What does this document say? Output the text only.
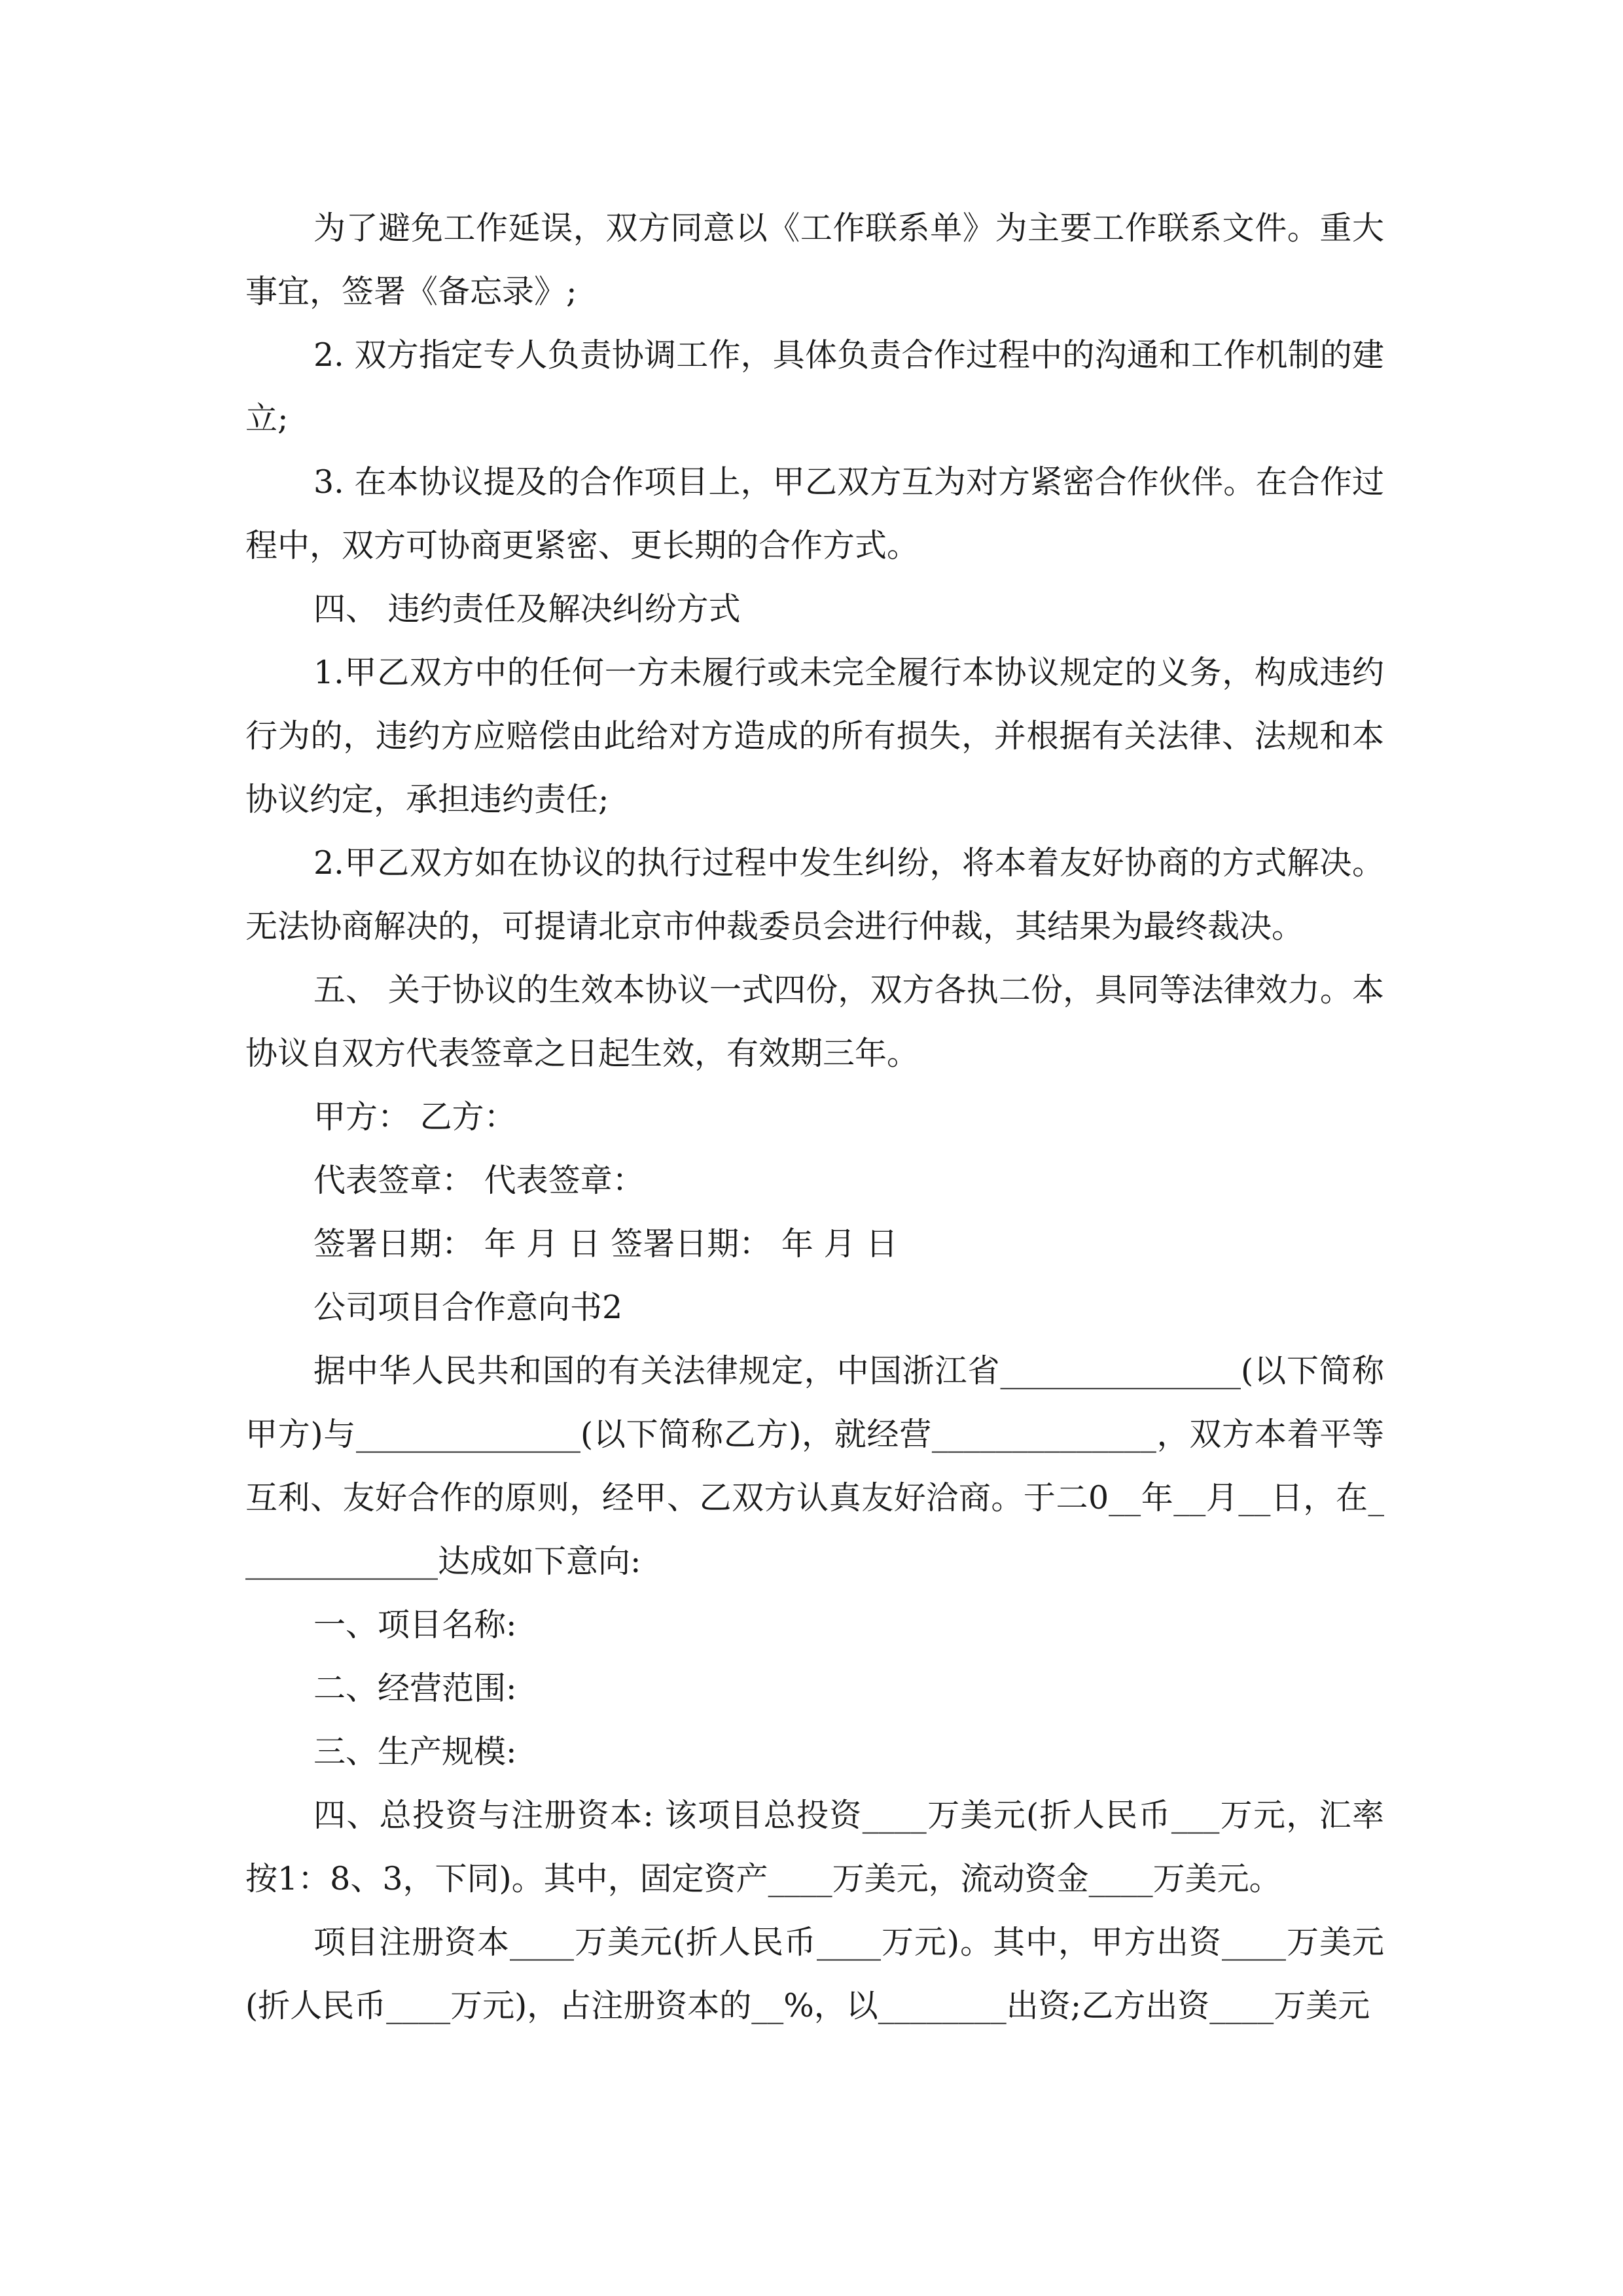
为了避免工作延误，双方同意以《工作联系单》为主要工作联系文件。重大事宜，签署《备忘录》;

2. 双方指定专人负责协调工作，具体负责合作过程中的沟通和工作机制的建立;

3. 在本协议提及的合作项目上，甲乙双方互为对方紧密合作伙伴。在合作过程中，双方可协商更紧密、更长期的合作方式。

四、 违约责任及解决纠纷方式

1.甲乙双方中的任何一方未履行或未完全履行本协议规定的义务，构成违约行为的，违约方应赔偿由此给对方造成的所有损失，并根据有关法律、法规和本协议约定，承担违约责任;

2.甲乙双方如在协议的执行过程中发生纠纷，将本着友好协商的方式解决。无法协商解决的，可提请北京市仲裁委员会进行仲裁，其结果为最终裁决。

五、 关于协议的生效本协议一式四份，双方各执二份，具同等法律效力。本协议自双方代表签章之日起生效，有效期三年。

甲方： 乙方：

代表签章： 代表签章：

签署日期： 年 月 日 签署日期： 年 月 日

公司项目合作意向书2

据中华人民共和国的有关法律规定，中国浙江省_______________(以下简称甲方)与______________(以下简称乙方)，就经营______________，双方本着平等互利、友好合作的原则，经甲、乙双方认真友好洽商。于二0__年__月__日，在_____________达成如下意向:

一、项目名称:

二、经营范围:

三、生产规模:

四、总投资与注册资本: 该项目总投资____万美元(折人民币___万元，汇率按1：8、3，下同)。其中，固定资产____万美元，流动资金____万美元。

项目注册资本____万美元(折人民币____万元)。其中，甲方出资____万美元(折人民币____万元)，占注册资本的__%，以________出资;乙方出资____万美元
